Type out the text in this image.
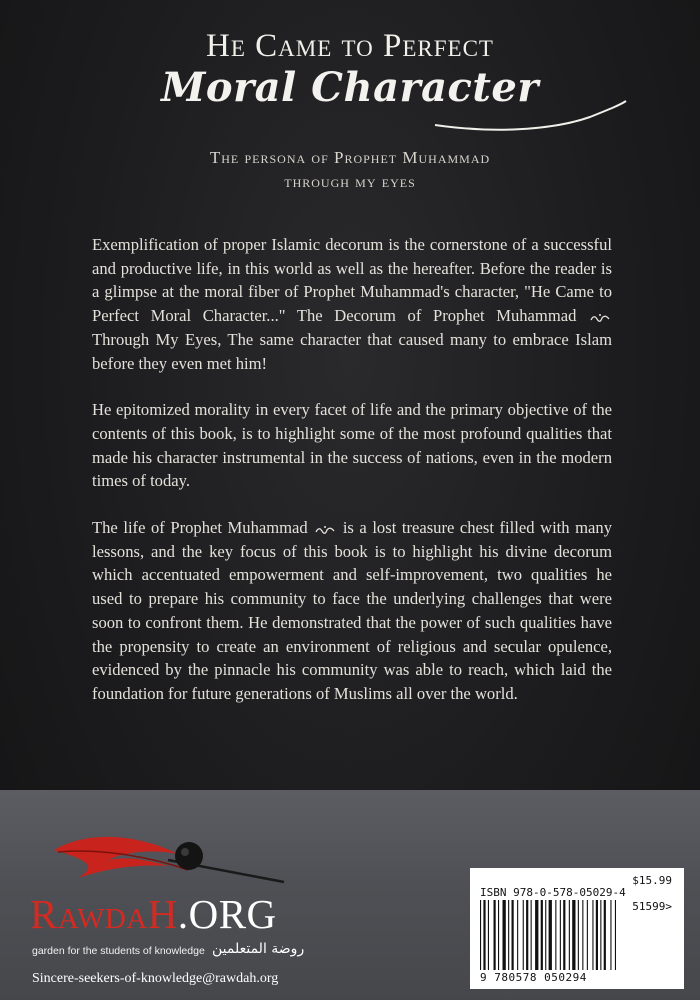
He Came to Perfect
Moral Character
The persona of Prophet Muhammad
through my eyes

Exemplification of proper Islamic decorum is the cornerstone of a successful and productive life, in this world as well as the hereafter. Before the reader is a glimpse at the moral fiber of Prophet Muhammad's character, "He Came to Perfect Moral Character..." The Decorum of Prophet Muhammad  Through My Eyes, The same character that caused many to embrace Islam before they even met him!

He epitomized morality in every facet of life and the primary objective of the contents of this book, is to highlight some of the most profound qualities that made his character instrumental in the success of nations, even in the modern times of today.

The life of Prophet Muhammad is a lost treasure chest filled with many lessons, and the key focus of this book is to highlight his divine decorum which accentuated empowerment and self-improvement, two qualities he used to prepare his community to face the underlying challenges that were soon to confront them. He demonstrated that the power of such qualities have the propensity to create an environment of religious and secular opulence, evidenced by the pinnacle his community was able to reach, which laid the foundation for future generations of Muslims all over the world.

RawdaH.ORG
garden for the students of knowledge روضة المتعلمين
Sincere-seekers-of-knowledge@rawdah.org
$15.99
ISBN 978-0-578-05029-4
51599>
9 780578 050294
